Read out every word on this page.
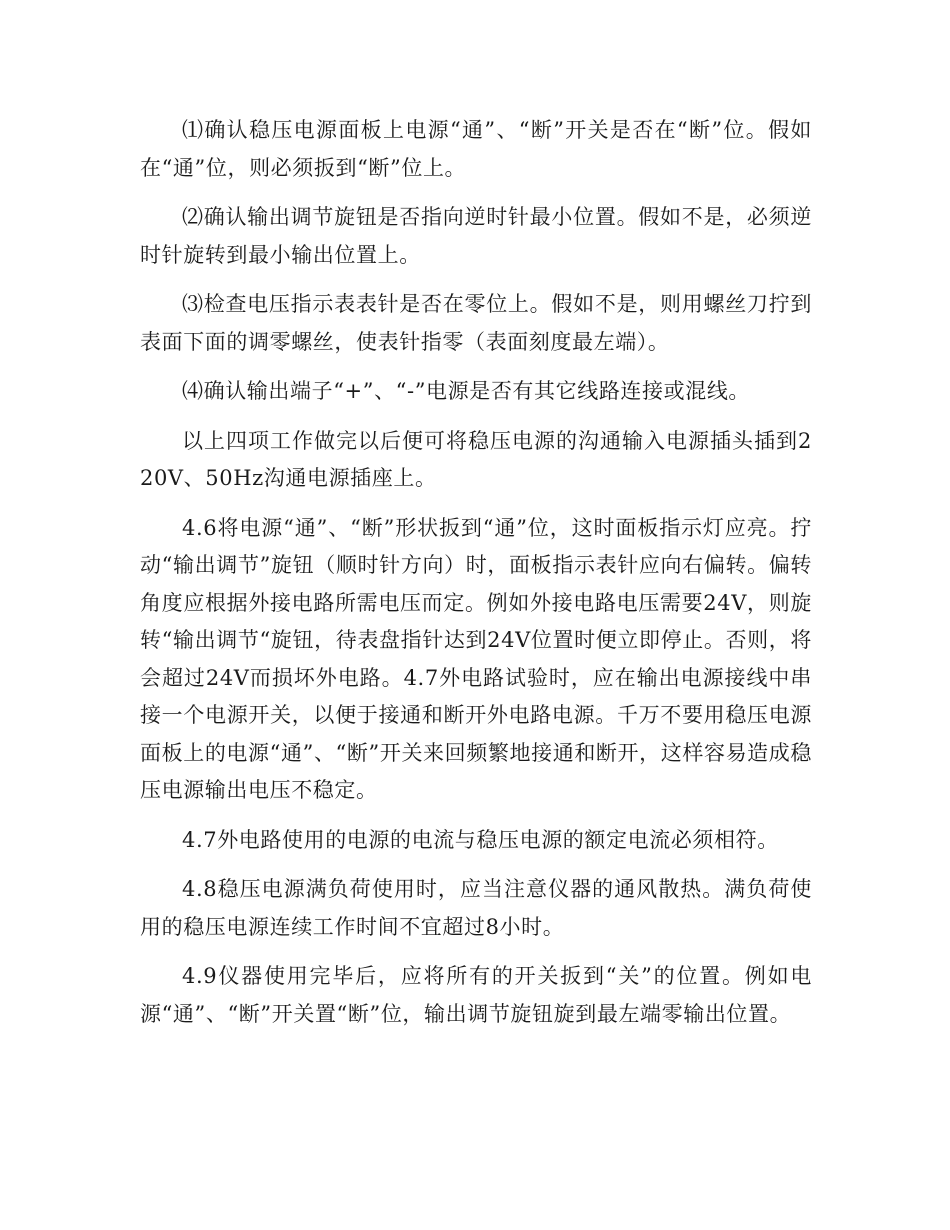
⑴确认稳压电源面板上电源“通”、“断”开关是否在“断”位。假如在“通”位，则必须扳到“断”位上。

⑵确认输出调节旋钮是否指向逆时针最小位置。假如不是，必须逆时针旋转到最小输出位置上。

⑶检查电压指示表表针是否在零位上。假如不是，则用螺丝刀拧到表面下面的调零螺丝，使表针指零（表面刻度最左端）。

⑷确认输出端子“+”、“-”电源是否有其它线路连接或混线。

以上四项工作做完以后便可将稳压电源的沟通输入电源插头插到220V、50Hz沟通电源插座上。

4.6将电源“通”、“断”形状扳到“通”位，这时面板指示灯应亮。拧动“输出调节”旋钮（顺时针方向）时，面板指示表针应向右偏转。偏转角度应根据外接电路所需电压而定。例如外接电路电压需要24V，则旋转“输出调节“旋钮，待表盘指针达到24V位置时便立即停止。否则，将会超过24V而损坏外电路。4.7外电路试验时，应在输出电源接线中串接一个电源开关，以便于接通和断开外电路电源。千万不要用稳压电源面板上的电源“通”、“断”开关来回频繁地接通和断开，这样容易造成稳压电源输出电压不稳定。

4.7外电路使用的电源的电流与稳压电源的额定电流必须相符。

4.8稳压电源满负荷使用时，应当注意仪器的通风散热。满负荷使用的稳压电源连续工作时间不宜超过8小时。

4.9仪器使用完毕后，应将所有的开关扳到“关”的位置。例如电源“通”、“断”开关置“断”位，输出调节旋钮旋到最左端零输出位置。
